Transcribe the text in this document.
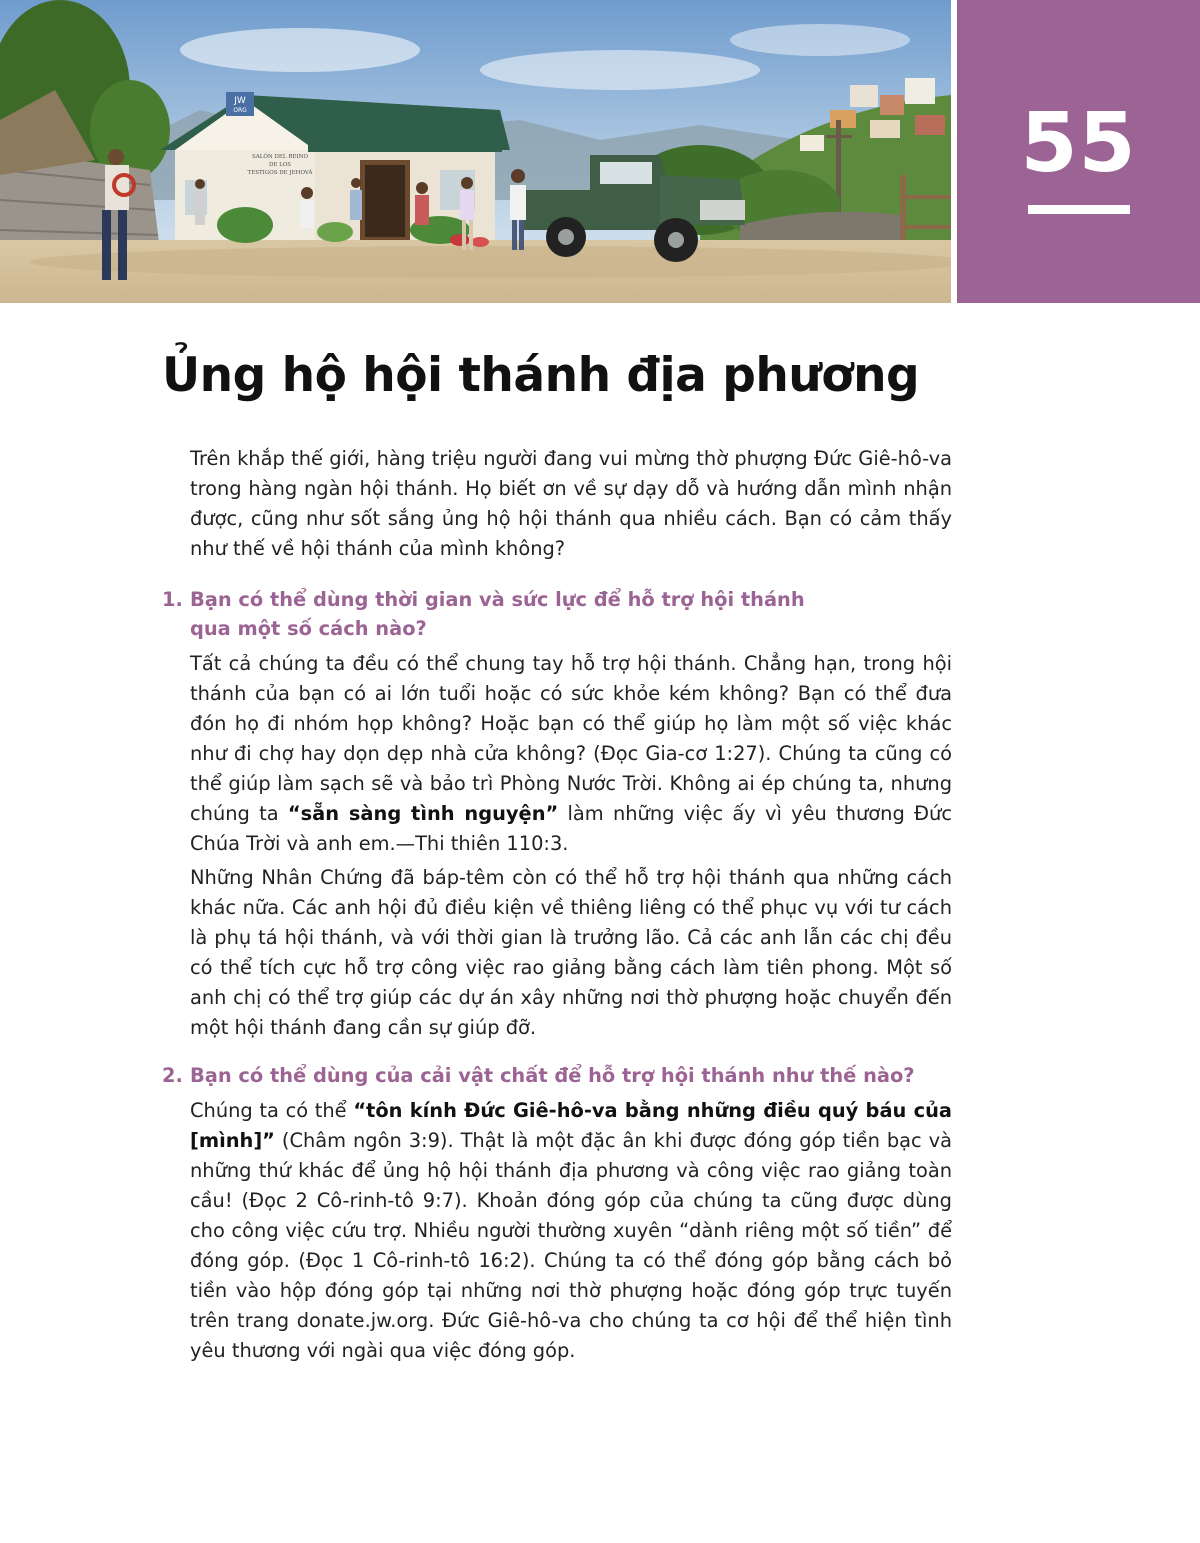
JW
ORG
SALÓN DEL REINO
DE LOS
TESTIGOS DE JEHOVÁ	55
Ủng hộ hội thánh địa phương

Trên khắp thế giới, hàng triệu người đang vui mừng thờ phượng Đức Giê-hô-va trong hàng ngàn hội thánh. Họ biết ơn về sự dạy dỗ và hướng dẫn mình nhận được, cũng như sốt sắng ủng hộ hội thánh qua nhiều cách. Bạn có cảm thấy như thế về hội thánh của mình không?

1. Bạn có thể dùng thời gian và sức lực để hỗ trợ hội thánh
qua một số cách nào?

Tất cả chúng ta đều có thể chung tay hỗ trợ hội thánh. Chẳng hạn, trong hội thánh của bạn có ai lớn tuổi hoặc có sức khỏe kém không? Bạn có thể đưa đón họ đi nhóm họp không? Hoặc bạn có thể giúp họ làm một số việc khác như đi chợ hay dọn dẹp nhà cửa không? (Đọc Gia-cơ 1:27). Chúng ta cũng có thể giúp làm sạch sẽ và bảo trì Phòng Nước Trời. Không ai ép chúng ta, nhưng chúng ta “sẵn sàng tình nguyện” làm những việc ấy vì yêu thương Đức Chúa Trời và anh em.—Thi thiên 110:3.

Những Nhân Chứng đã báp-têm còn có thể hỗ trợ hội thánh qua những cách khác nữa. Các anh hội đủ điều kiện về thiêng liêng có thể phục vụ với tư cách là phụ tá hội thánh, và với thời gian là trưởng lão. Cả các anh lẫn các chị đều có thể tích cực hỗ trợ công việc rao giảng bằng cách làm tiên phong. Một số anh chị có thể trợ giúp các dự án xây những nơi thờ phượng hoặc chuyển đến một hội thánh đang cần sự giúp đỡ.

2. Bạn có thể dùng của cải vật chất để hỗ trợ hội thánh như thế nào?

Chúng ta có thể “tôn kính Đức Giê-hô-va bằng những điều quý báu của [mình]” (Châm ngôn 3:9). Thật là một đặc ân khi được đóng góp tiền bạc và những thứ khác để ủng hộ hội thánh địa phương và công việc rao giảng toàn cầu! (Đọc 2 Cô-rinh-tô 9:7). Khoản đóng góp của chúng ta cũng được dùng cho công việc cứu trợ. Nhiều người thường xuyên “dành riêng một số tiền” để đóng góp. (Đọc 1 Cô-rinh-tô 16:2). Chúng ta có thể đóng góp bằng cách bỏ tiền vào hộp đóng góp tại những nơi thờ phượng hoặc đóng góp trực tuyến trên trang donate.jw.org. Đức Giê-hô-va cho chúng ta cơ hội để thể hiện tình yêu thương với ngài qua việc đóng góp.
